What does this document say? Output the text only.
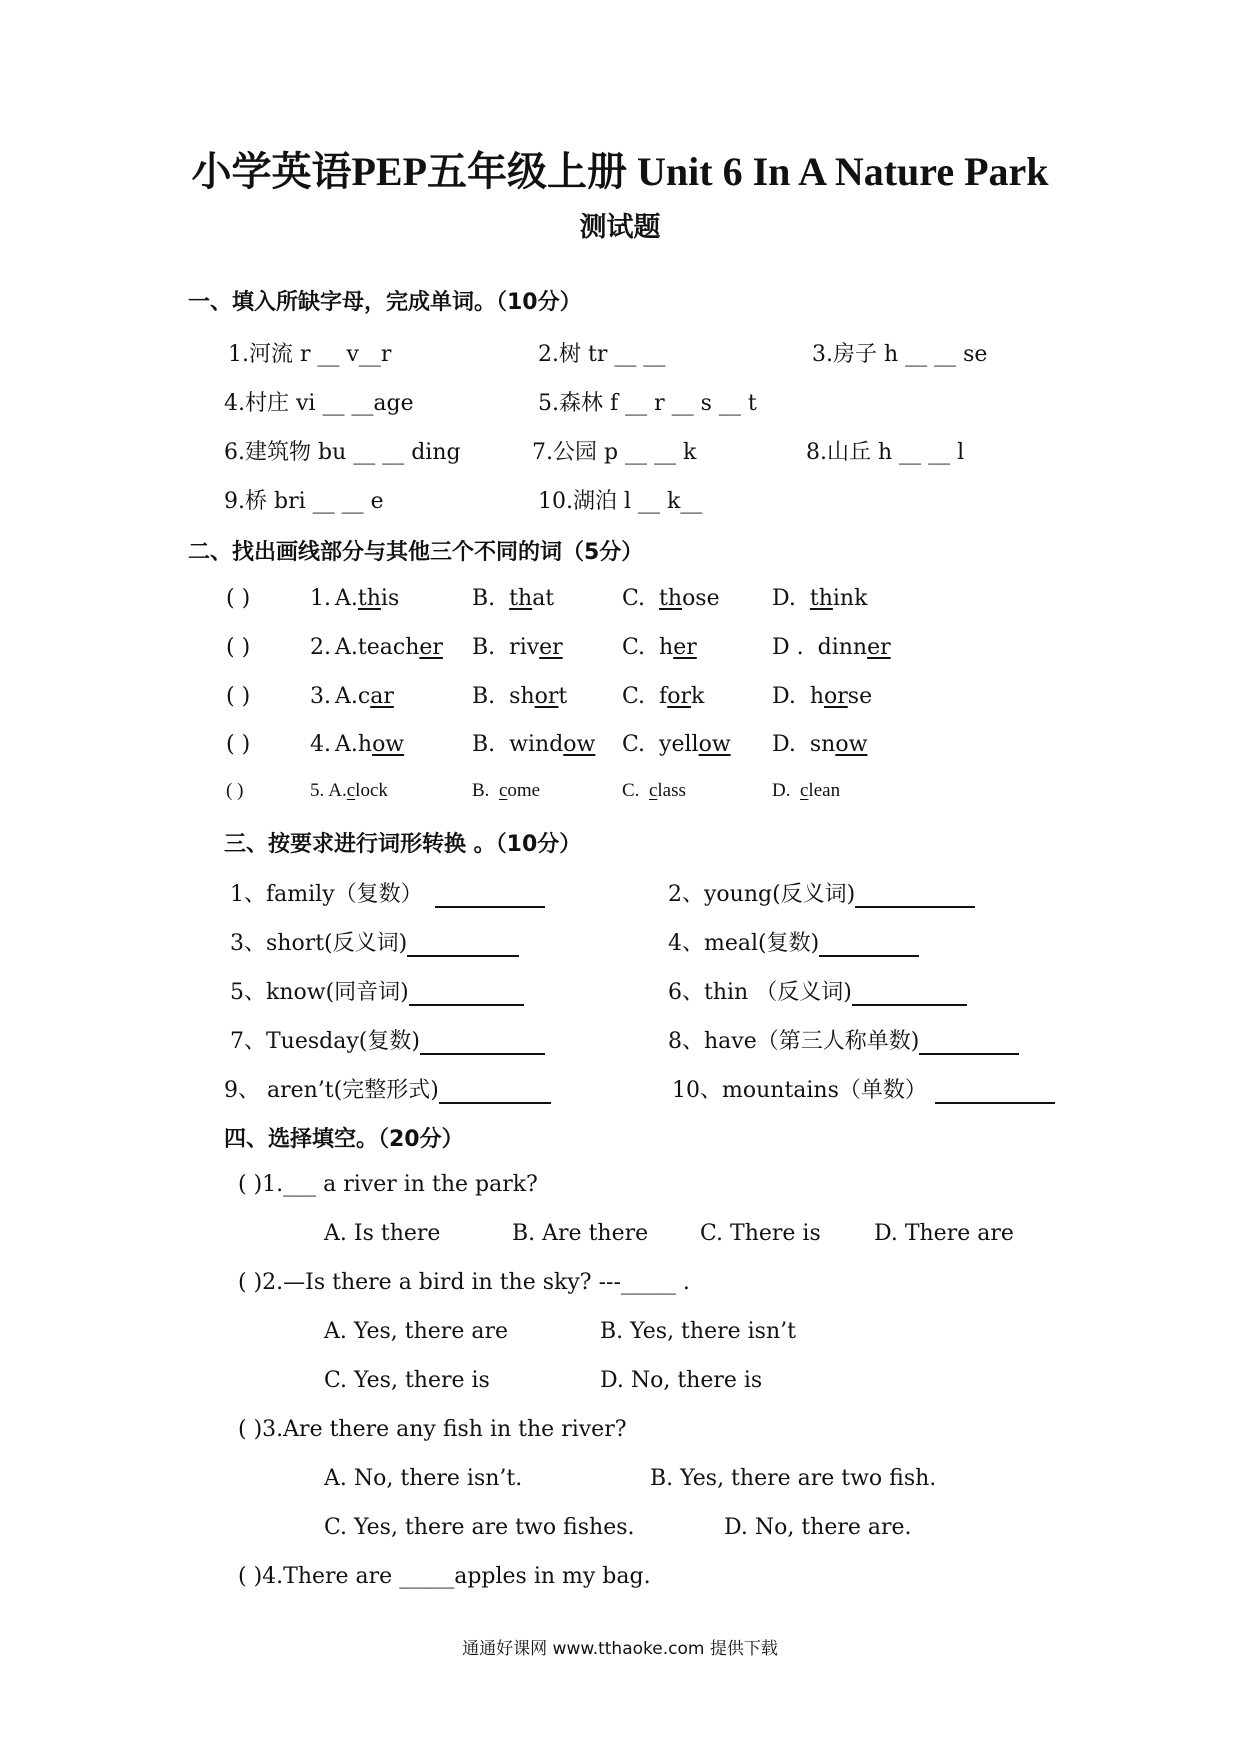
小学英语PEP五年级上册 Unit 6 In A Nature Park
测试题
一、填入所缺字母，完成单词。（10分）
1.河流 r __ v__r	2.树 tr __ __	3.房子 h __ __ se
4.村庄 vi __ __age	5.森林 f __ r __ s __ t
6.建筑物 bu __ __ ding	7.公园 p __ __ k	8.山丘 h __ __ l
9.桥 bri __ __ e	10.湖泊 l __ k__
二、找出画线部分与其他三个不同的词（5分）
( )	1. A.this	B. that	C. those D. think
( )	2. A.teacher B. river	C. her	D . dinner
( )	3. A.car	B. short C. fork	D. horse
( )	4. A.how	B. window C. yellow D. snow
( )	5. A.clock	B. come	C. class	D. clean
三、按要求进行词形转换 。（10分）
1、family（复数）	2、young(反义词)
3、short(反义词)	4、meal(复数)
5、know(同音词)	6、thin （反义词)
7、Tuesday(复数)	8、have（第三人称单数)
9、 aren’t(完整形式)	10、mountains（单数）
四、选择填空。（20分）
( )1.___ a river in the park?
A. Is there	B. Are there C. There is D. There are
( )2.—Is there a bird in the sky? ---_____ .
A. Yes, there are	B. Yes, there isn’t
C. Yes, there is	D. No, there is
( )3.Are there any fish in the river?
A. No, there isn’t.	B. Yes, there are two fish.
C. Yes, there are two fishes.	D. No, there are.
( )4.There are _____apples in my bag.
通通好课网 www.tthaoke.com 提供下载
